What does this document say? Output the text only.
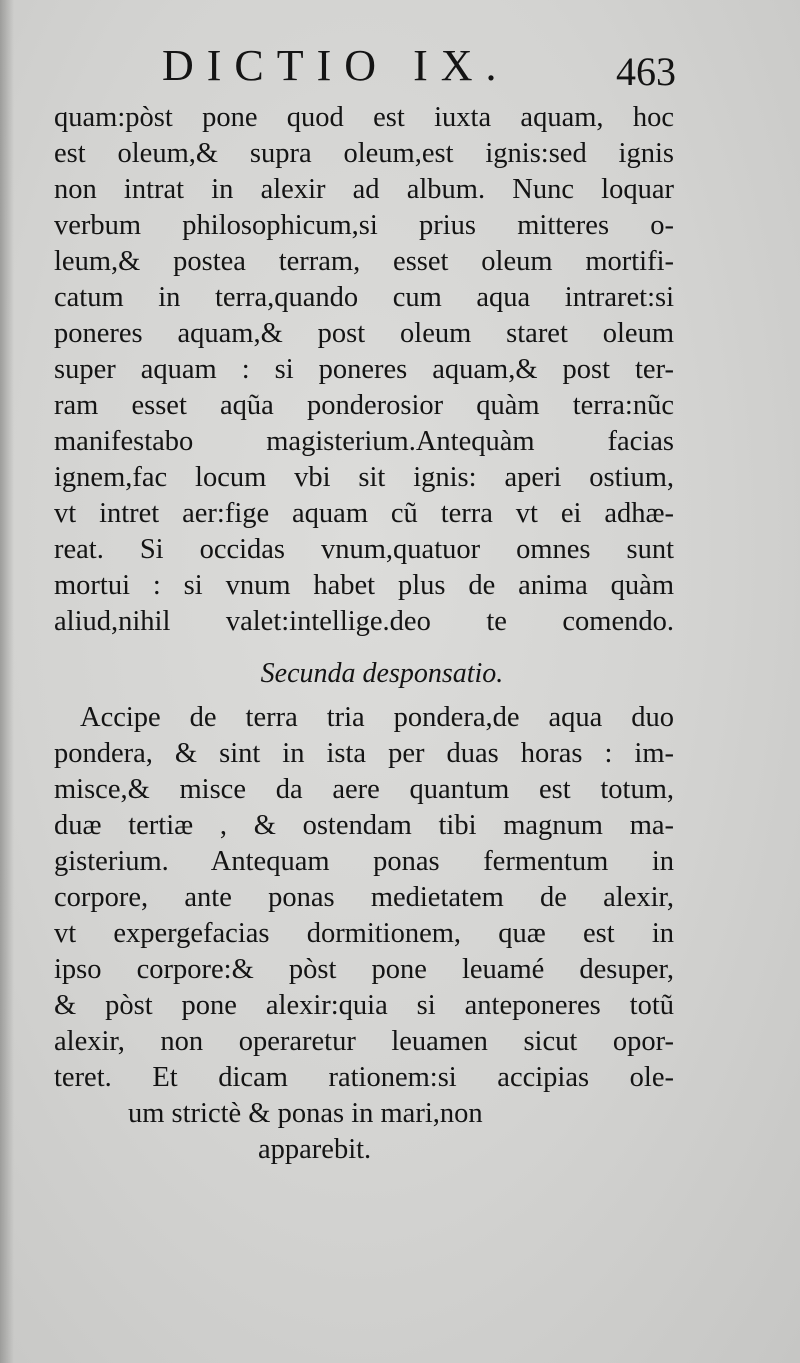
DICTIO IX.	463
quam:pòst pone quod est iuxta aquam, hoc
est oleum,& supra oleum,est ignis:sed ignis
non intrat in alexir ad album. Nunc loquar
verbum philosophicum,si prius mitteres o-
leum,& postea terram, esset oleum mortifi-
catum in terra,quando cum aqua intraret:si
poneres aquam,& post oleum staret oleum
super aquam : si poneres aquam,& post ter-
ram esset aqũa ponderosior quàm terra:nũc
manifestabo magisterium.Antequàm facias
ignem,fac locum vbi sit ignis: aperi ostium,
vt intret aer:fige aquam cũ terra vt ei adhæ-
reat. Si occidas vnum,quatuor omnes sunt
mortui : si vnum habet plus de anima quàm
aliud,nihil valet:intellige.deo te comendo.
Secunda desponsatio.
Accipe de terra tria pondera,de aqua duo
pondera, & sint in ista per duas horas : im-
misce,& misce da aere quantum est totum,
duæ tertiæ , & ostendam tibi magnum ma-
gisterium. Antequam ponas fermentum in
corpore, ante ponas medietatem de alexir,
vt expergefacias dormitionem, quæ est in
ipso corpore:& pòst pone leuamé desuper,
& pòst pone alexir:quia si anteponeres totũ
alexir, non operaretur leuamen sicut opor-
teret. Et dicam rationem:si accipias ole-
um strictè & ponas in mari,non
apparebit.
